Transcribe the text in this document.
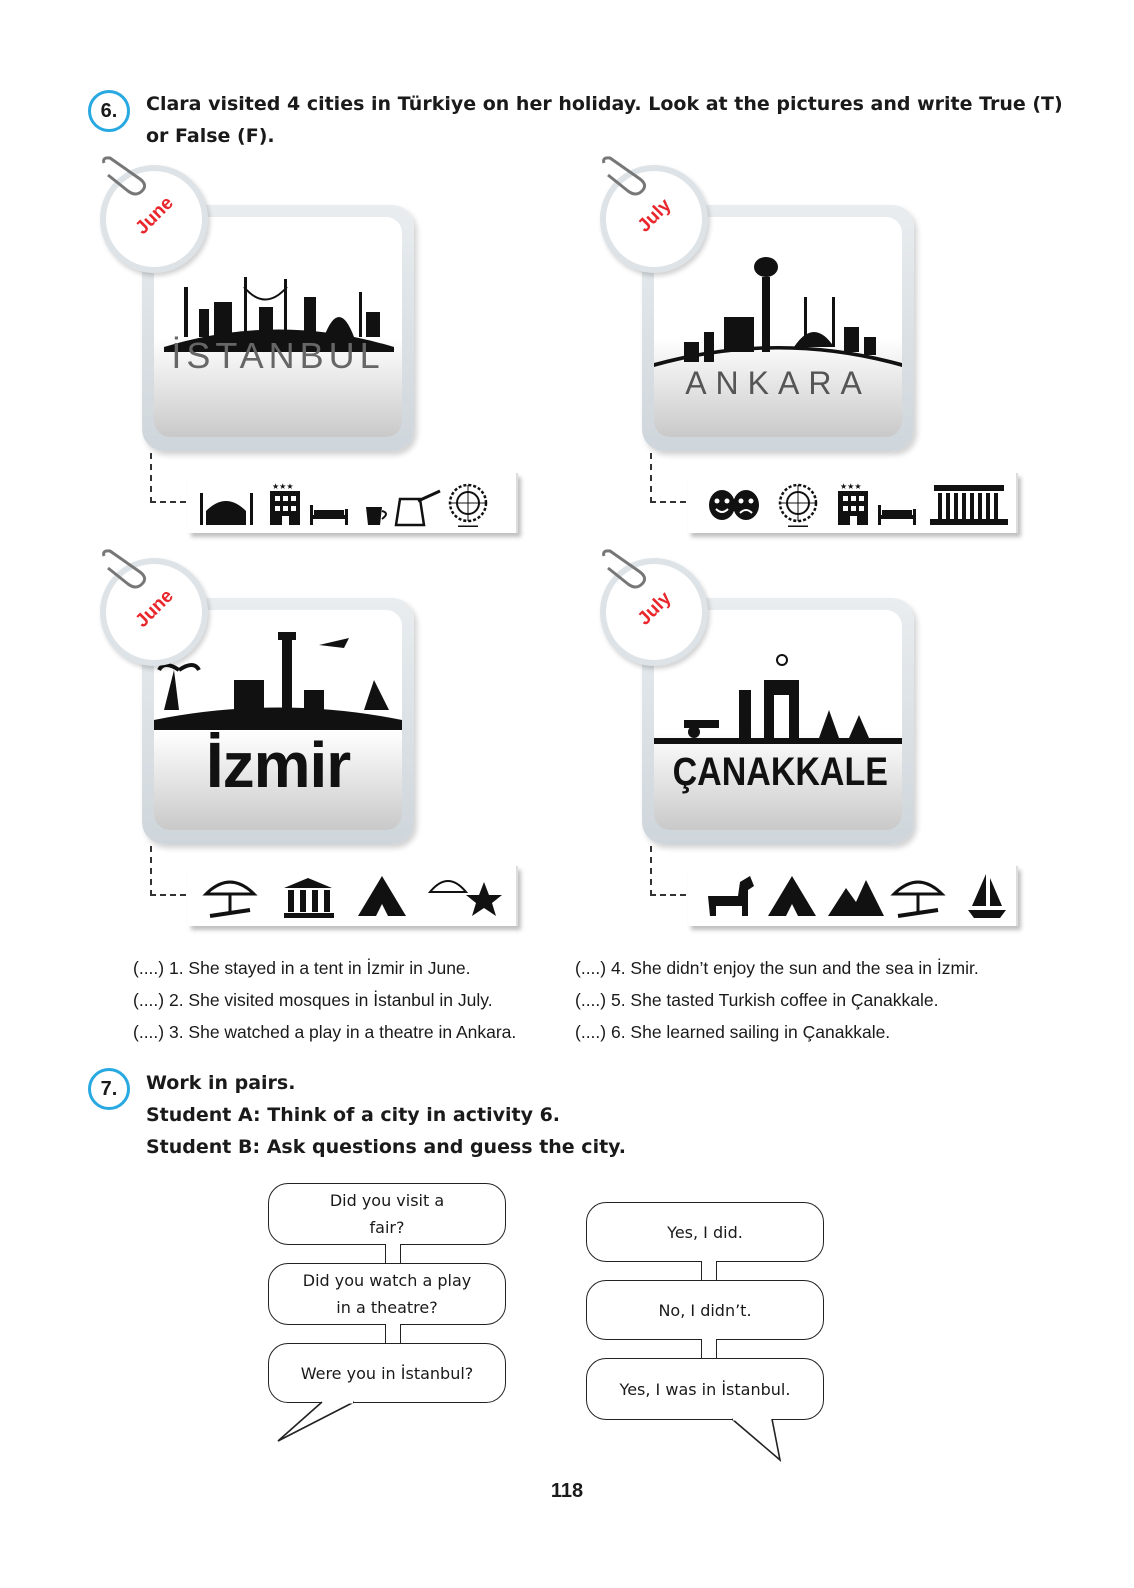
6.	Clara visited 4 cities in Türkiye on her holiday. Look at the pictures and write True (T)
or False (F).
İSTANBUL
June
★★★
ANKARA
July
★★★
İzmir
June
ÇANAKKALE
July
(....) 1. She stayed in a tent in İzmir in June.
(....) 2. She visited mosques in İstanbul in July.
(....) 3. She watched a play in a theatre in Ankara.
(....) 4. She didn’t enjoy the sun and the sea in İzmir.
(....) 5. She tasted Turkish coffee in Çanakkale.
(....) 6. She learned sailing in Çanakkale.
7.	Work in pairs.
Student A: Think of a city in activity 6.
Student B: Ask questions and guess the city.
Did you visit a fair?
Did you watch a play in a theatre?
Were you in İstanbul?
Yes, I did.
No, I didn’t.
Yes, I was in İstanbul.
118
